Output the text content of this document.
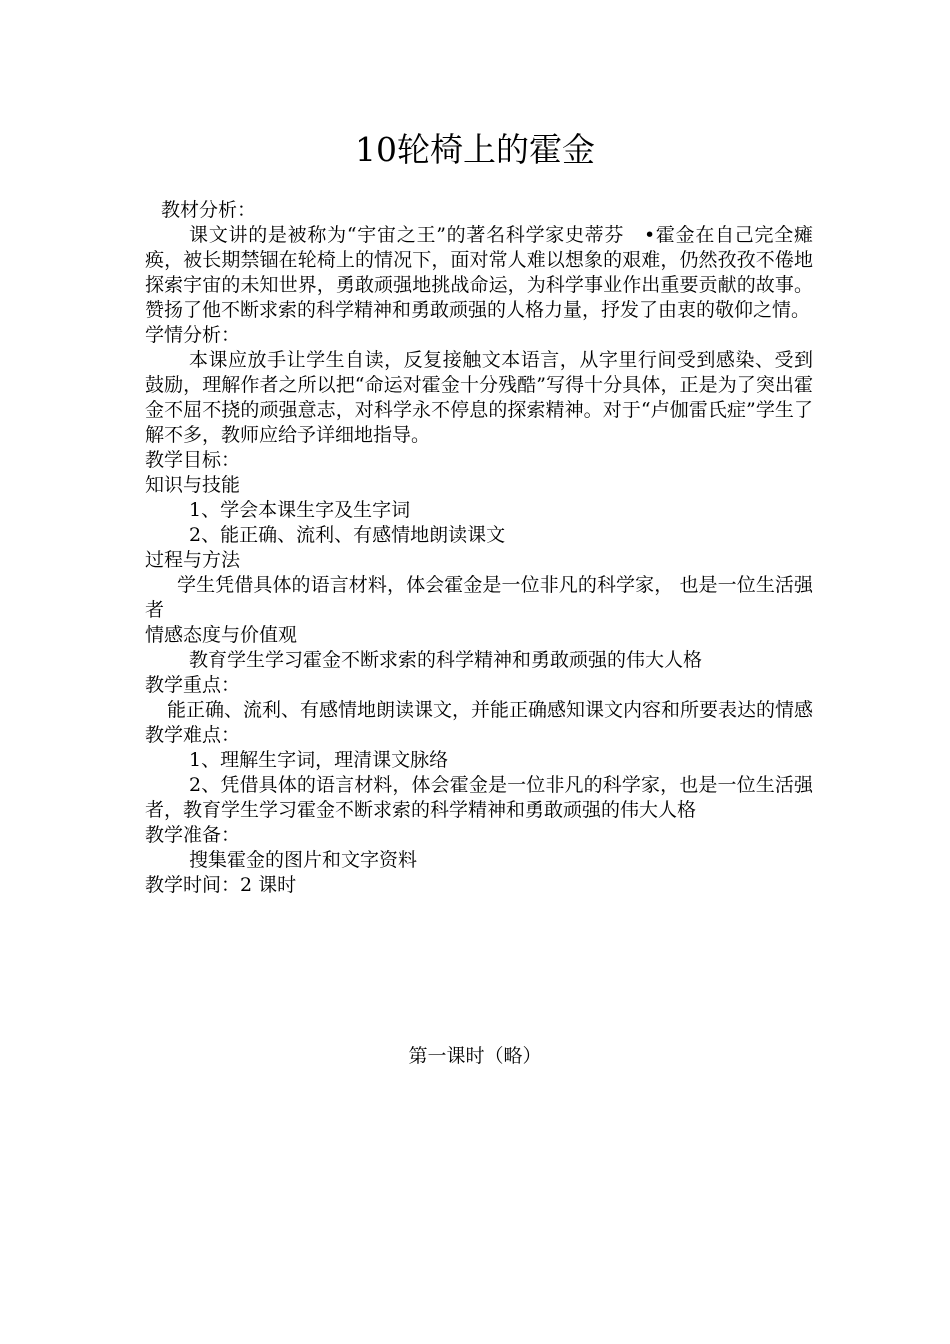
10轮椅上的霍金
教材分析：
课文讲的是被称为“宇宙之王”的著名科学家史蒂芬　•霍金在自己完全瘫痪，被长期禁锢在轮椅上的情况下，面对常人难以想象的艰难，仍然孜孜不倦地探索宇宙的未知世界，勇敢顽强地挑战命运，为科学事业作出重要贡献的故事。赞扬了他不断求索的科学精神和勇敢顽强的人格力量，抒发了由衷的敬仰之情。
学情分析：
本课应放手让学生自读，反复接触文本语言，从字里行间受到感染、受到鼓励，理解作者之所以把“命运对霍金十分残酷”写得十分具体，正是为了突出霍金不屈不挠的顽强意志，对科学永不停息的探索精神。对于“卢伽雷氏症”学生了解不多，教师应给予详细地指导。
教学目标：
知识与技能
1、学会本课生字及生字词
2、能正确、流利、有感情地朗读课文
过程与方法
学生凭借具体的语言材料，体会霍金是一位非凡的科学家， 也是一位生活强者
情感态度与价值观
教育学生学习霍金不断求索的科学精神和勇敢顽强的伟大人格
教学重点：
能正确、流利、有感情地朗读课文，并能正确感知课文内容和所要表达的情感
教学难点：
1、理解生字词，理清课文脉络
2、凭借具体的语言材料，体会霍金是一位非凡的科学家，也是一位生活强者，教育学生学习霍金不断求索的科学精神和勇敢顽强的伟大人格
教学准备：
搜集霍金的图片和文字资料
教学时间：2 课时
第一课时（略）
